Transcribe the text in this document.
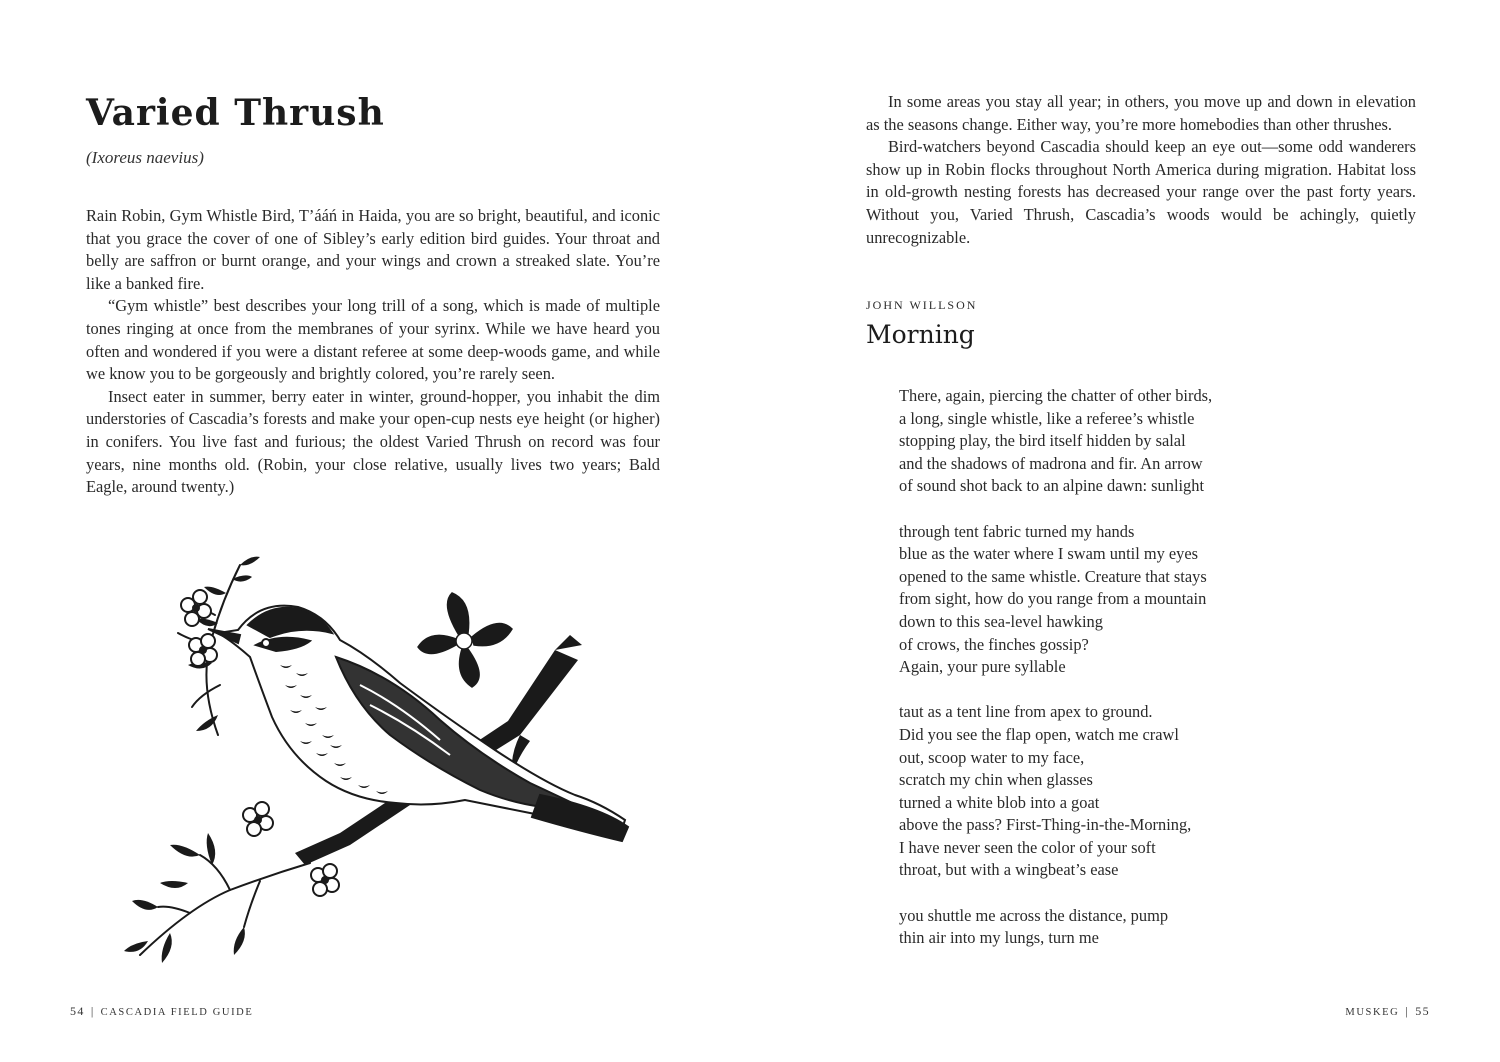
Varied Thrush

(Ixoreus naevius)

Rain Robin, Gym Whistle Bird, T’ááń in Haida, you are so bright, beautiful, and iconic that you grace the cover of one of Sibley’s early edition bird guides. Your throat and belly are saffron or burnt orange, and your wings and crown a streaked slate. You’re like a banked fire.

“Gym whistle” best describes your long trill of a song, which is made of multiple tones ringing at once from the membranes of your syrinx. While we have heard you often and wondered if you were a distant referee at some deep-woods game, and while we know you to be gorgeously and brightly colored, you’re rarely seen.

Insect eater in summer, berry eater in winter, ground-hopper, you inhabit the dim understories of Cascadia’s forests and make your open-cup nests eye height (or higher) in conifers. You live fast and furious; the oldest Varied Thrush on record was four years, nine months old. (Robin, your close relative, usually lives two years; Bald Eagle, around twenty.)

54 | CASCADIA FIELD GUIDE

In some areas you stay all year; in others, you move up and down in elevation as the seasons change. Either way, you’re more homebodies than other thrushes.

Bird-watchers beyond Cascadia should keep an eye out—some odd wanderers show up in Robin flocks throughout North America during migration. Habitat loss in old-growth nesting forests has decreased your range over the past forty years. Without you, Varied Thrush, Cascadia’s woods would be achingly, quietly unrecognizable.

JOHN WILLSON
Morning
There, again, piercing the chatter of other birds,
a long, single whistle, like a referee’s whistle
stopping play, the bird itself hidden by salal
and the shadows of madrona and fir. An arrow
of sound shot back to an alpine dawn: sunlight
through tent fabric turned my hands
blue as the water where I swam until my eyes
opened to the same whistle. Creature that stays
from sight, how do you range from a mountain
down to this sea-level hawking
of crows, the finches gossip?
Again, your pure syllable
taut as a tent line from apex to ground.
Did you see the flap open, watch me crawl
out, scoop water to my face,
scratch my chin when glasses
turned a white blob into a goat
above the pass? First-Thing-in-the-Morning,
I have never seen the color of your soft
throat, but with a wingbeat’s ease
you shuttle me across the distance, pump
thin air into my lungs, turn me
MUSKEG | 55
